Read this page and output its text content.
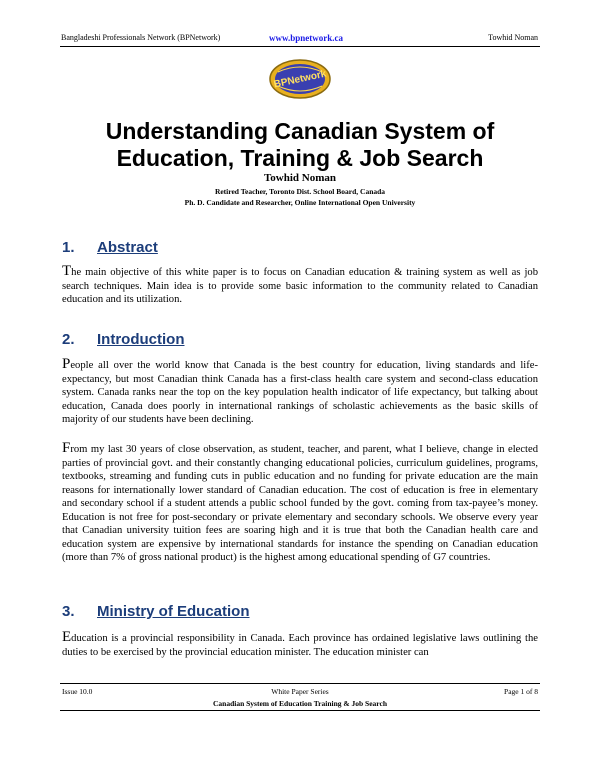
Bangladeshi Professionals Network (BPNetwork)	www.bpnetwork.ca	Towhid Noman

BPNetwork
Understanding Canadian System of
Education, Training & Job Search
Towhid Noman
Retired Teacher, Toronto Dist. School Board, Canada
Ph. D. Candidate and Researcher, Online International Open University
1. Abstract

The main objective of this white paper is to focus on Canadian education & training system as well as job search techniques. Main idea is to provide some basic information to the community related to Canadian education and its utilization.

2. Introduction

People all over the world know that Canada is the best country for education, living standards and life-expectancy, but most Canadian think Canada has a first-class health care system and second-class education system. Canada ranks near the top on the key population health indicator of life expectancy, but talking about education, Canada does poorly in international rankings of scholastic achievements as the basic skills of majority of our students have been declining.

From my last 30 years of close observation, as student, teacher, and parent, what I believe, change in elected parties of provincial govt. and their constantly changing educational policies, curriculum guidelines, programs, textbooks, streaming and funding cuts in public education and no funding for private education are the main reasons for internationally lower standard of Canadian education. The cost of education is free in elementary and secondary school if a student attends a public school funded by the govt. coming from tax-payee’s money. Education is not free for post-secondary or private elementary and secondary schools. We observe every year that Canadian university tuition fees are soaring high and it is true that both the Canadian health care and education system are expensive by international standards for instance the spending on Canadian education (more than 7% of gross national product) is the highest among educational spending of G7 countries.

3. Ministry of Education

Education is a provincial responsibility in Canada. Each province has ordained legislative laws outlining the duties to be exercised by the provincial education minister. The education minister can

Issue 10.0	White Paper Series	Page 1 of 8
Canadian System of Education Training & Job Search
